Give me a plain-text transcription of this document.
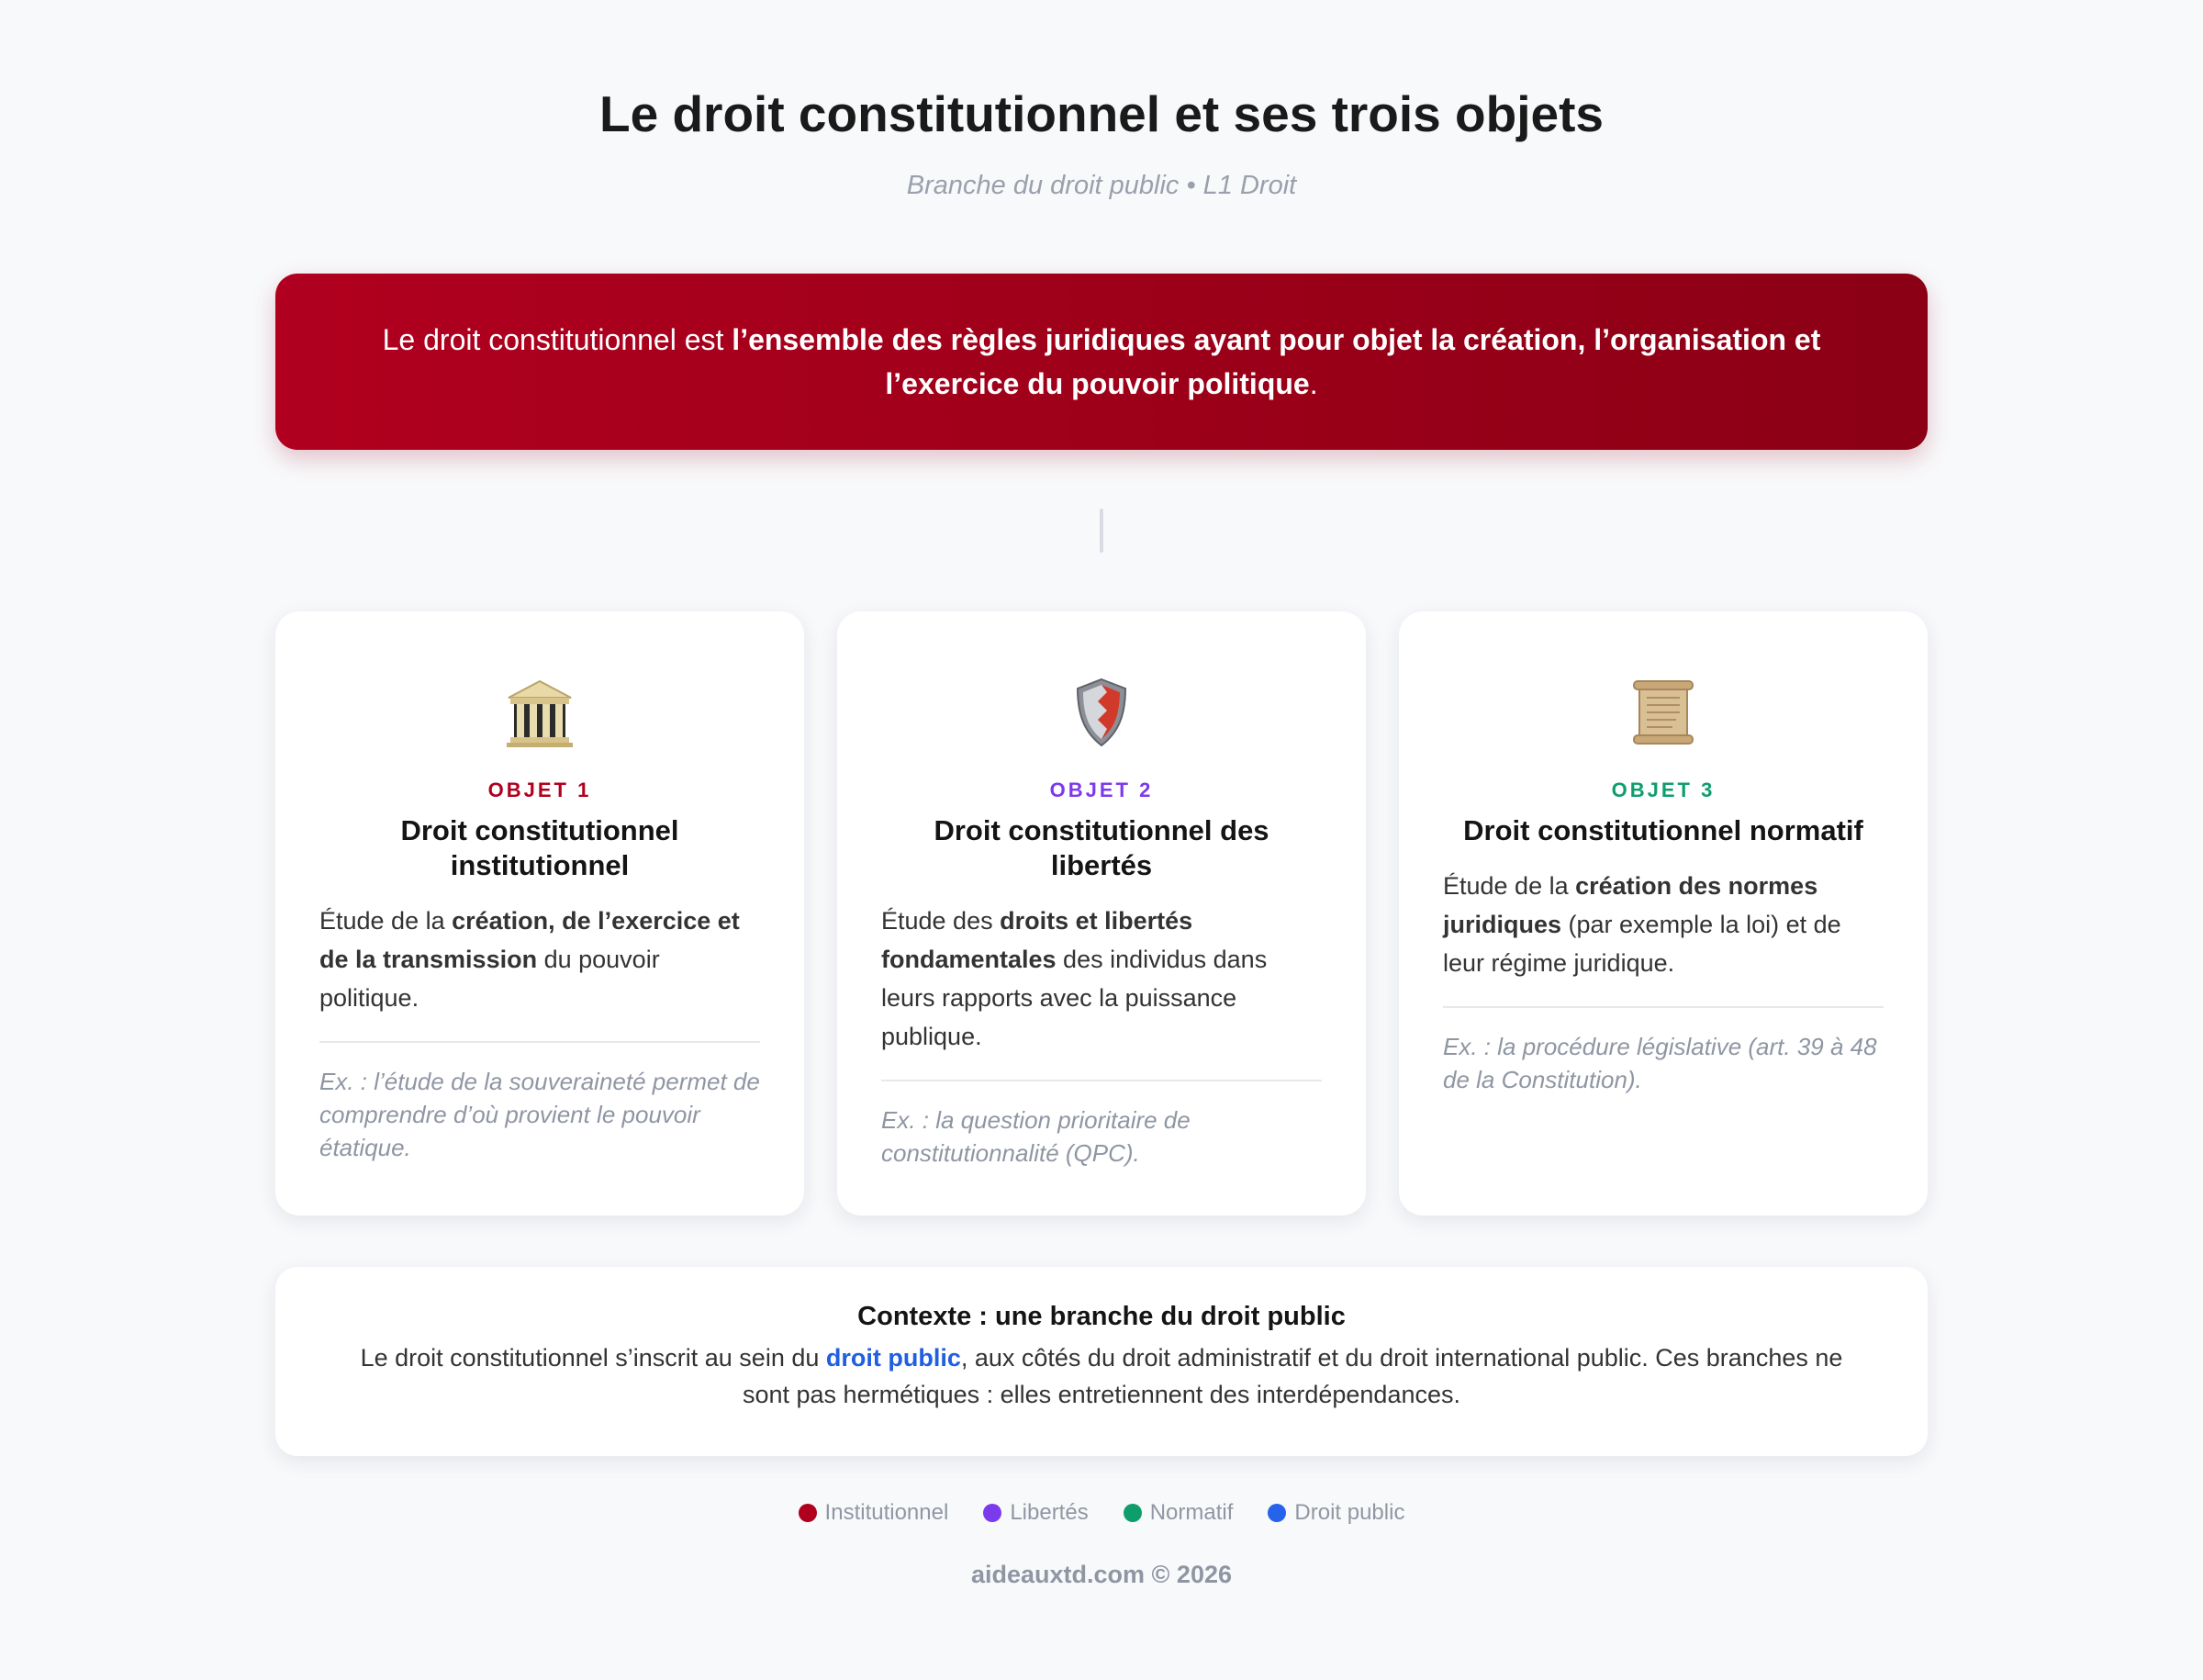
Le droit constitutionnel et ses trois objets
Branche du droit public • L1 Droit
Le droit constitutionnel est l’ensemble des règles juridiques ayant pour objet la création, l’organisation et l’exercice du pouvoir politique.
OBJET 1
Droit constitutionnel institutionnel
Étude de la création, de l’exercice et de la transmission du pouvoir politique.
Ex. : l’étude de la souveraineté permet de comprendre d’où provient le pouvoir étatique.
OBJET 2
Droit constitutionnel des libertés
Étude des droits et libertés fondamentales des individus dans leurs rapports avec la puissance publique.
Ex. : la question prioritaire de constitutionnalité (QPC).
OBJET 3
Droit constitutionnel normatif
Étude de la création des normes juridiques (par exemple la loi) et de leur régime juridique.
Ex. : la procédure législative (art. 39 à 48 de la Constitution).
Contexte : une branche du droit public
Le droit constitutionnel s’inscrit au sein du droit public, aux côtés du droit administratif et du droit international public. Ces branches ne sont pas hermétiques : elles entretiennent des interdépendances.
Institutionnel	Libertés	Normatif	Droit public
aideauxtd.com © 2026
